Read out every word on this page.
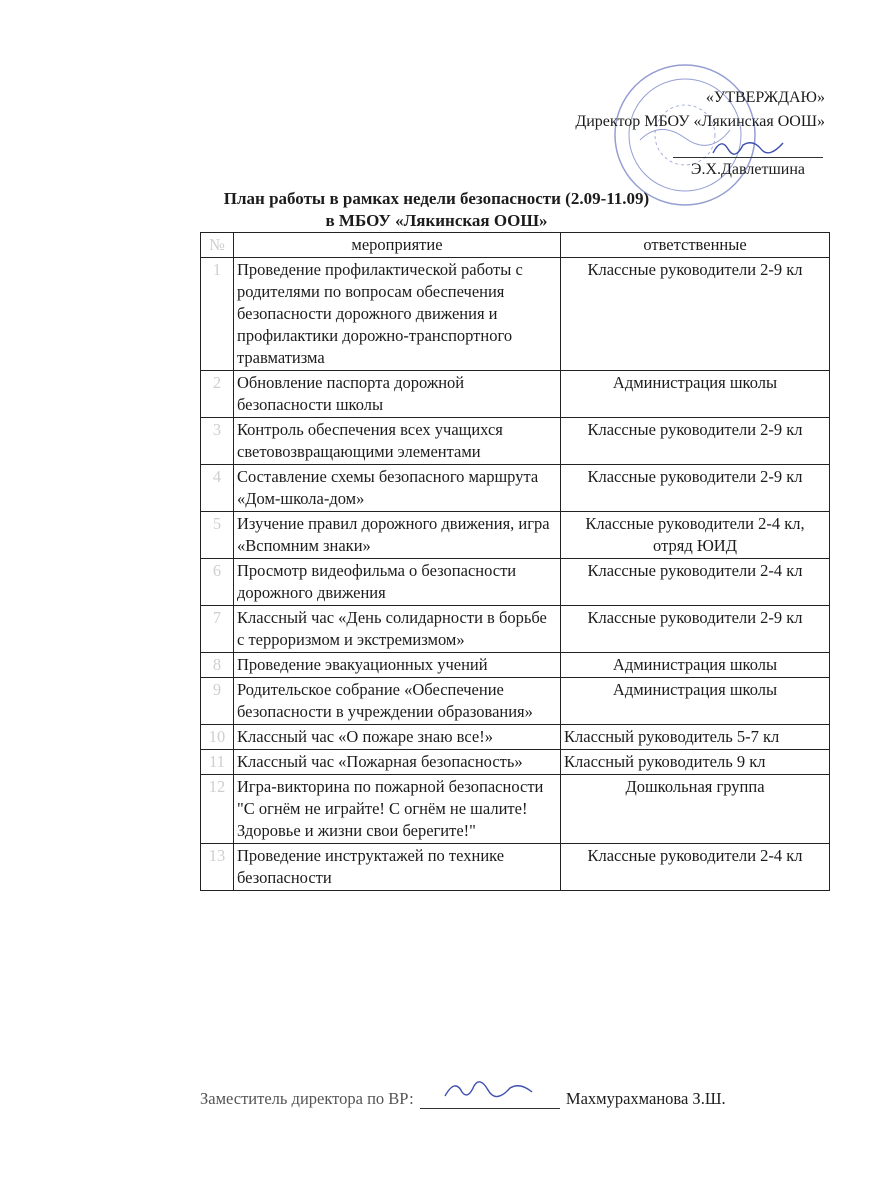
«УТВЕРЖДАЮ»
Директор МБОУ «Лякинская ООШ»
Э.Х.Давлетшина
План работы в рамках недели безопасности (2.09-11.09)
в МБОУ «Лякинская ООШ»
№	мероприятие	ответственные
1	Проведение профилактической работы с родителями по вопросам обеспечения безопасности дорожного движения и профилактики дорожно-транспортного травматизма	Классные руководители 2-9 кл
2	Обновление паспорта дорожной безопасности школы	Администрация школы
3	Контроль обеспечения всех учащихся световозвращающими элементами	Классные руководители 2-9 кл
4	Составление схемы безопасного маршрута «Дом-школа-дом»	Классные руководители 2-9 кл
5	Изучение правил дорожного движения, игра «Вспомним знаки»	Классные руководители 2-4 кл, отряд ЮИД
6	Просмотр видеофильма о безопасности дорожного движения	Классные руководители 2-4 кл
7	Классный час «День солидарности в борьбе с терроризмом и экстремизмом»	Классные руководители 2-9 кл
8	Проведение эвакуационных учений	Администрация школы
9	Родительское собрание «Обеспечение безопасности в учреждении образования»	Администрация школы
10	Классный час «О пожаре знаю все!»	Классный руководитель 5-7 кл
11	Классный час «Пожарная безопасность»	Классный руководитель 9 кл
12	Игра-викторина по пожарной безопасности "С огнём не играйте! С огнём не шалите! Здоровье и жизни свои берегите!"	Дошкольная группа
13	Проведение инструктажей по технике безопасности	Классные руководители 2-4 кл
Заместитель директора по ВР:	Махмурахманова З.Ш.
